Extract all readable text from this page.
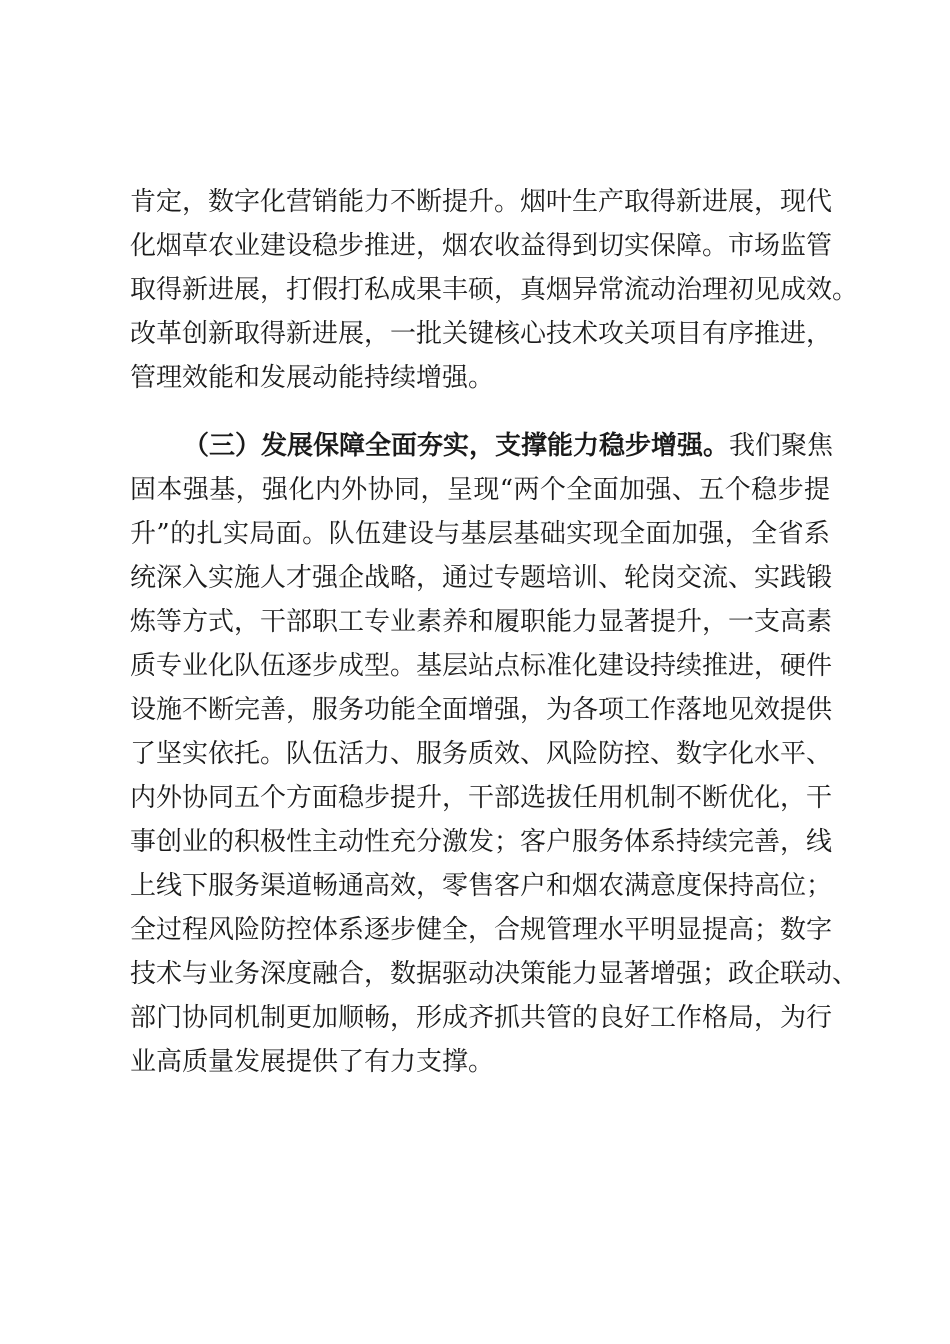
肯定，数字化营销能力不断提升。烟叶生产取得新进展，现代
化烟草农业建设稳步推进，烟农收益得到切实保障。市场监管
取得新进展，打假打私成果丰硕，真烟异常流动治理初见成效。
改革创新取得新进展，一批关键核心技术攻关项目有序推进，
管理效能和发展动能持续增强。
（三）发展保障全面夯实，支撑能力稳步增强。 我们聚焦
固本强基，强化内外协同，呈现“两个全面加强、五个稳步提
升”的扎实局面。队伍建设与基层基础实现全面加强，全省系
统深入实施人才强企战略，通过专题培训、轮岗交流、实践锻
炼等方式，干部职工专业素养和履职能力显著提升，一支高素
质专业化队伍逐步成型。基层站点标准化建设持续推进，硬件
设施不断完善，服务功能全面增强，为各项工作落地见效提供
了坚实依托。队伍活力、服务质效、风险防控、数字化水平、
内外协同五个方面稳步提升，干部选拔任用机制不断优化，干
事创业的积极性主动性充分激发；客户服务体系持续完善，线
上线下服务渠道畅通高效，零售客户和烟农满意度保持高位；
全过程风险防控体系逐步健全，合规管理水平明显提高；数字
技术与业务深度融合，数据驱动决策能力显著增强；政企联动、
部门协同机制更加顺畅，形成齐抓共管的良好工作格局，为行
业高质量发展提供了有力支撑。
